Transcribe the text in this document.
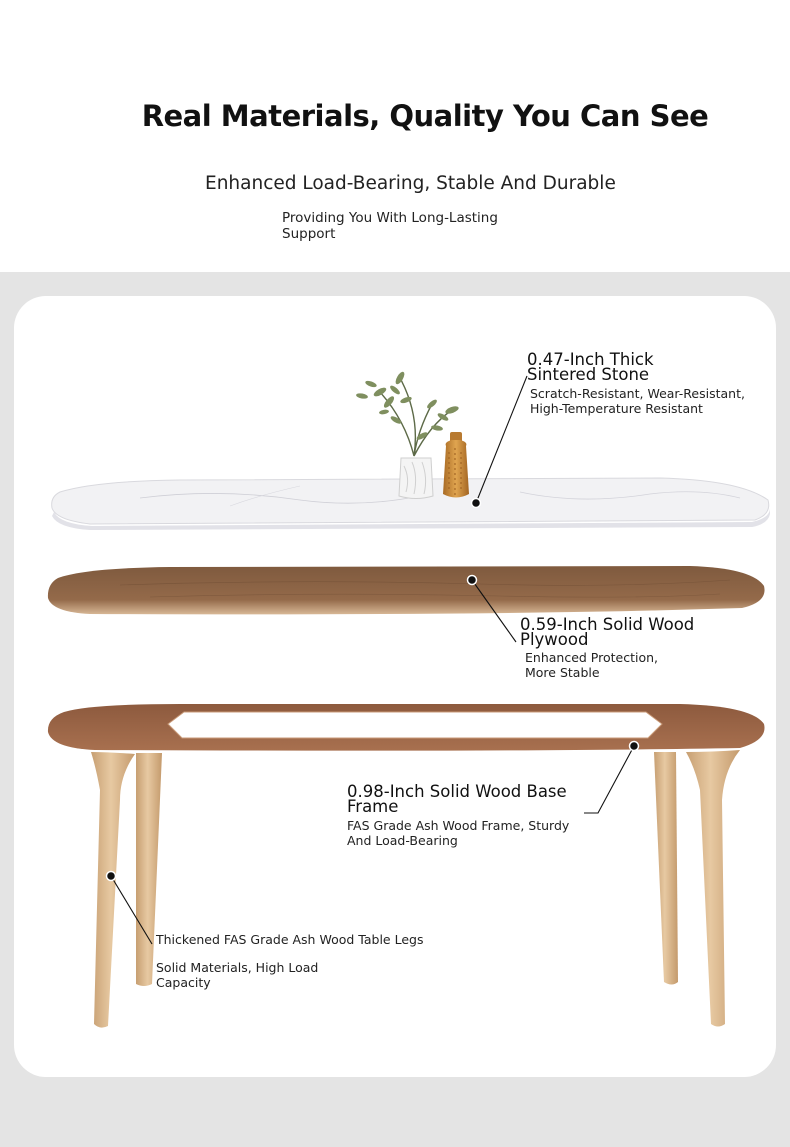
Real Materials, Quality You Can See
Enhanced Load-Bearing, Stable And Durable
Providing You With Long-Lasting
Support
0.47-Inch Thick
Sintered Stone
Scratch-Resistant, Wear-Resistant,
High-Temperature Resistant
0.59-Inch Solid Wood
Plywood
Enhanced Protection,
More Stable
0.98-Inch Solid Wood Base
Frame
FAS Grade Ash Wood Frame, Sturdy
And Load-Bearing
Thickened FAS Grade Ash Wood Table Legs
Solid Materials, High Load
Capacity
